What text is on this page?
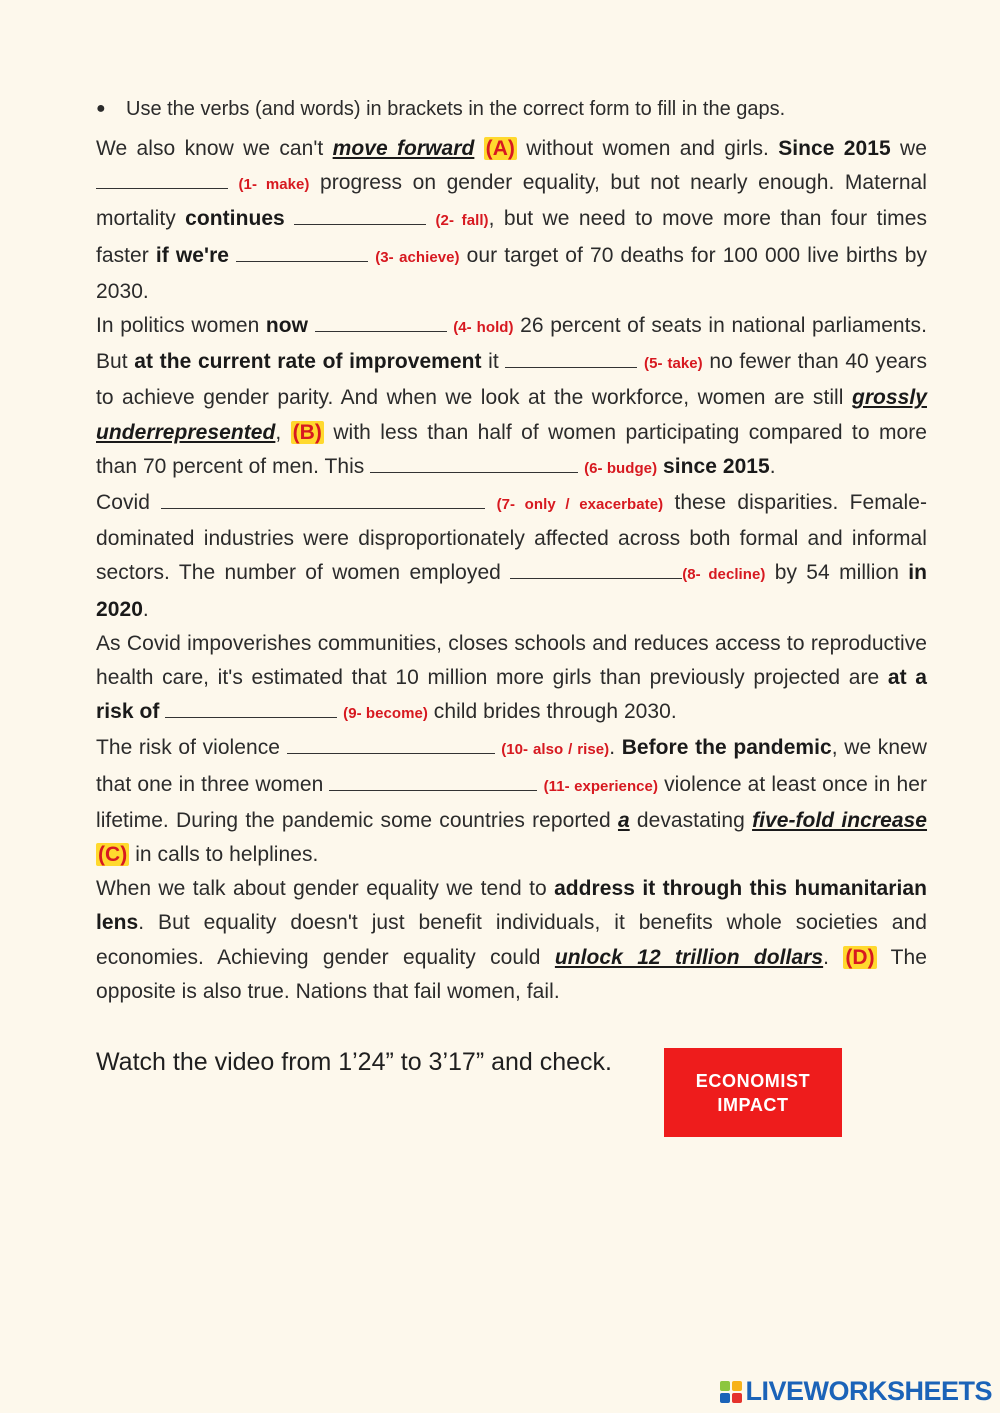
●	Use the verbs (and words) in brackets in the correct form to fill in the gaps.

We also know we can't move forward (A) without women and girls. Since 2015 we  (1- make) progress on gender equality, but not nearly enough. Maternal mortality continues	(2- fall), but we need to move more than four times faster if we're	(3- achieve) our target of 70 deaths for 100 000 live births by 2030.

In politics women now	(4- hold) 26 percent of seats in national parliaments. But at the current rate of improvement it	(5- take) no fewer than 40 years to achieve gender parity. And when we look at the workforce, women are still grossly underrepresented, (B) with less than half of women participating compared to more than 70 percent of men. This	(6- budge) since 2015.

Covid	(7- only / exacerbate) these disparities. Female-dominated industries were disproportionately affected across both formal and informal sectors. The number of women employed	(8- decline) by 54 million in 2020.

As Covid impoverishes communities, closes schools and reduces access to reproductive health care, it's estimated that 10 million more girls than previously projected are at a risk of	(9- become) child brides through 2030.

The risk of violence	(10- also / rise). Before the pandemic, we knew that one in three women	(11- experience) violence at least once in her lifetime. During the pandemic some countries reported a devastating five-fold increase (C) in calls to helplines.

When we talk about gender equality we tend to address it through this humanitarian lens. But equality doesn't just benefit individuals, it benefits whole societies and economies. Achieving gender equality could unlock 12 trillion dollars. (D) The opposite is also true. Nations that fail women, fail.

Watch the video from 1’24” to 3’17” and check.
ECONOMIST
IMPACT
LIVEWORKSHEETS
